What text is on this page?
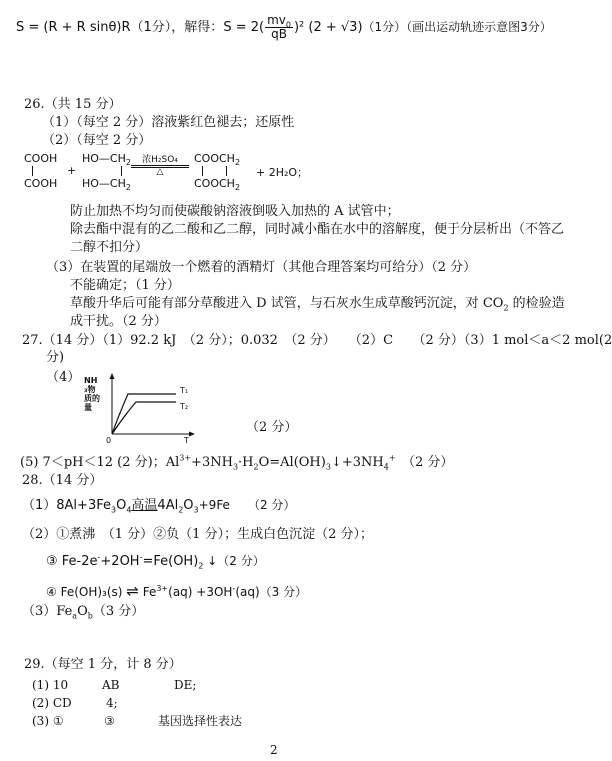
S = (R + R sinθ)R（1分），解得：$S = 2( \frac{mv_0}{qB} )^2$ (2 + √3)（1分）（画出运动轨迹示意图3分）
26.（共 15 分）
（1）（每空 2 分）溶液紫红色褪去；还原性
（2）（每空 2 分）
COOH
COOH
+
$HO—CH_2$
$HO—CH_2$
浓H₂SO₄
△
$COOCH_2$
$COOCH_2$
+ 2H₂O；
防止加热不均匀而使碳酸钠溶液倒吸入加热的 A 试管中；
除去酯中混有的乙二酸和乙二醇，同时减小酯在水中的溶解度，便于分层析出（不答乙
二醇不扣分）
（3）在装置的尾端放一个燃着的酒精灯（其他合理答案均可给分）（2 分）
不能确定；（1 分）
草酸升华后可能有部分草酸进入 D 试管，与石灰水生成草酸钙沉淀，对 $CO_2$ 的检验造
成干扰。（2 分）
27.（14 分）（1）92.2 kJ　（2 分）；0.032　（2 分）　　（2）C　　（2 分）（3）1 mol＜a＜2 mol(2
分)
（4） NH₃物质的量
T₁
T₂
0	T
（2 分）
(5) 7＜pH＜12 (2 分)；$Al^{3+}+3NH_3\cdot H_2O=Al(OH)_3↓+3NH_4^+$　（2 分）
28.（14 分）
$(1)8Al+3Fe_3O_4$高温$4Al_2O_3+9Fe$　　（2 分）
（2）①煮沸　（1 分）②负（1 分）；生成白色沉淀（2 分）；
③ $Fe-2e^-+2OH^-=Fe(OH)_2$ ↓（2 分）
④ Fe(OH)₃(s) ⇌ $Fe^{3+}(aq) +3OH^-(aq)(3$ 分）
$(3)Fe_aO_b(3$ 分）
29.（每空 1 分，计 8 分）
(1) 10	AB	DE;
(2) CD	4;
(3) ①	③	基因选择性表达
2
